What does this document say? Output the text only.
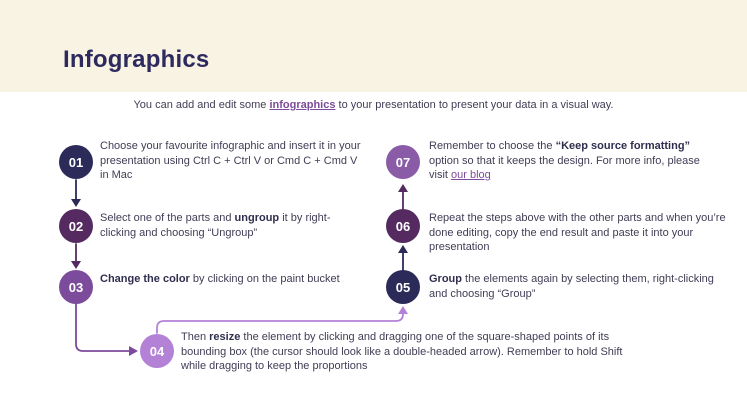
Infographics
You can add and edit some infographics to your presentation to present your data in a visual way.
01
02
03
04
05
06
07
Choose your favourite infographic and insert it in your presentation using Ctrl C + Ctrl V or Cmd C + Cmd V in Mac
Select one of the parts and ungroup it by right-clicking and choosing “Ungroup”
Change the color by clicking on the paint bucket
Then resize the element by clicking and dragging one of the square-shaped points of its bounding box (the cursor should look like a double-headed arrow). Remember to hold Shift while dragging to keep the proportions
Group the elements again by selecting them, right-clicking and choosing “Group”
Repeat the steps above with the other parts and when you’re done editing, copy the end result and paste it into your presentation
Remember to choose the “Keep source formatting” option so that it keeps the design. For more info, please visit our blog
